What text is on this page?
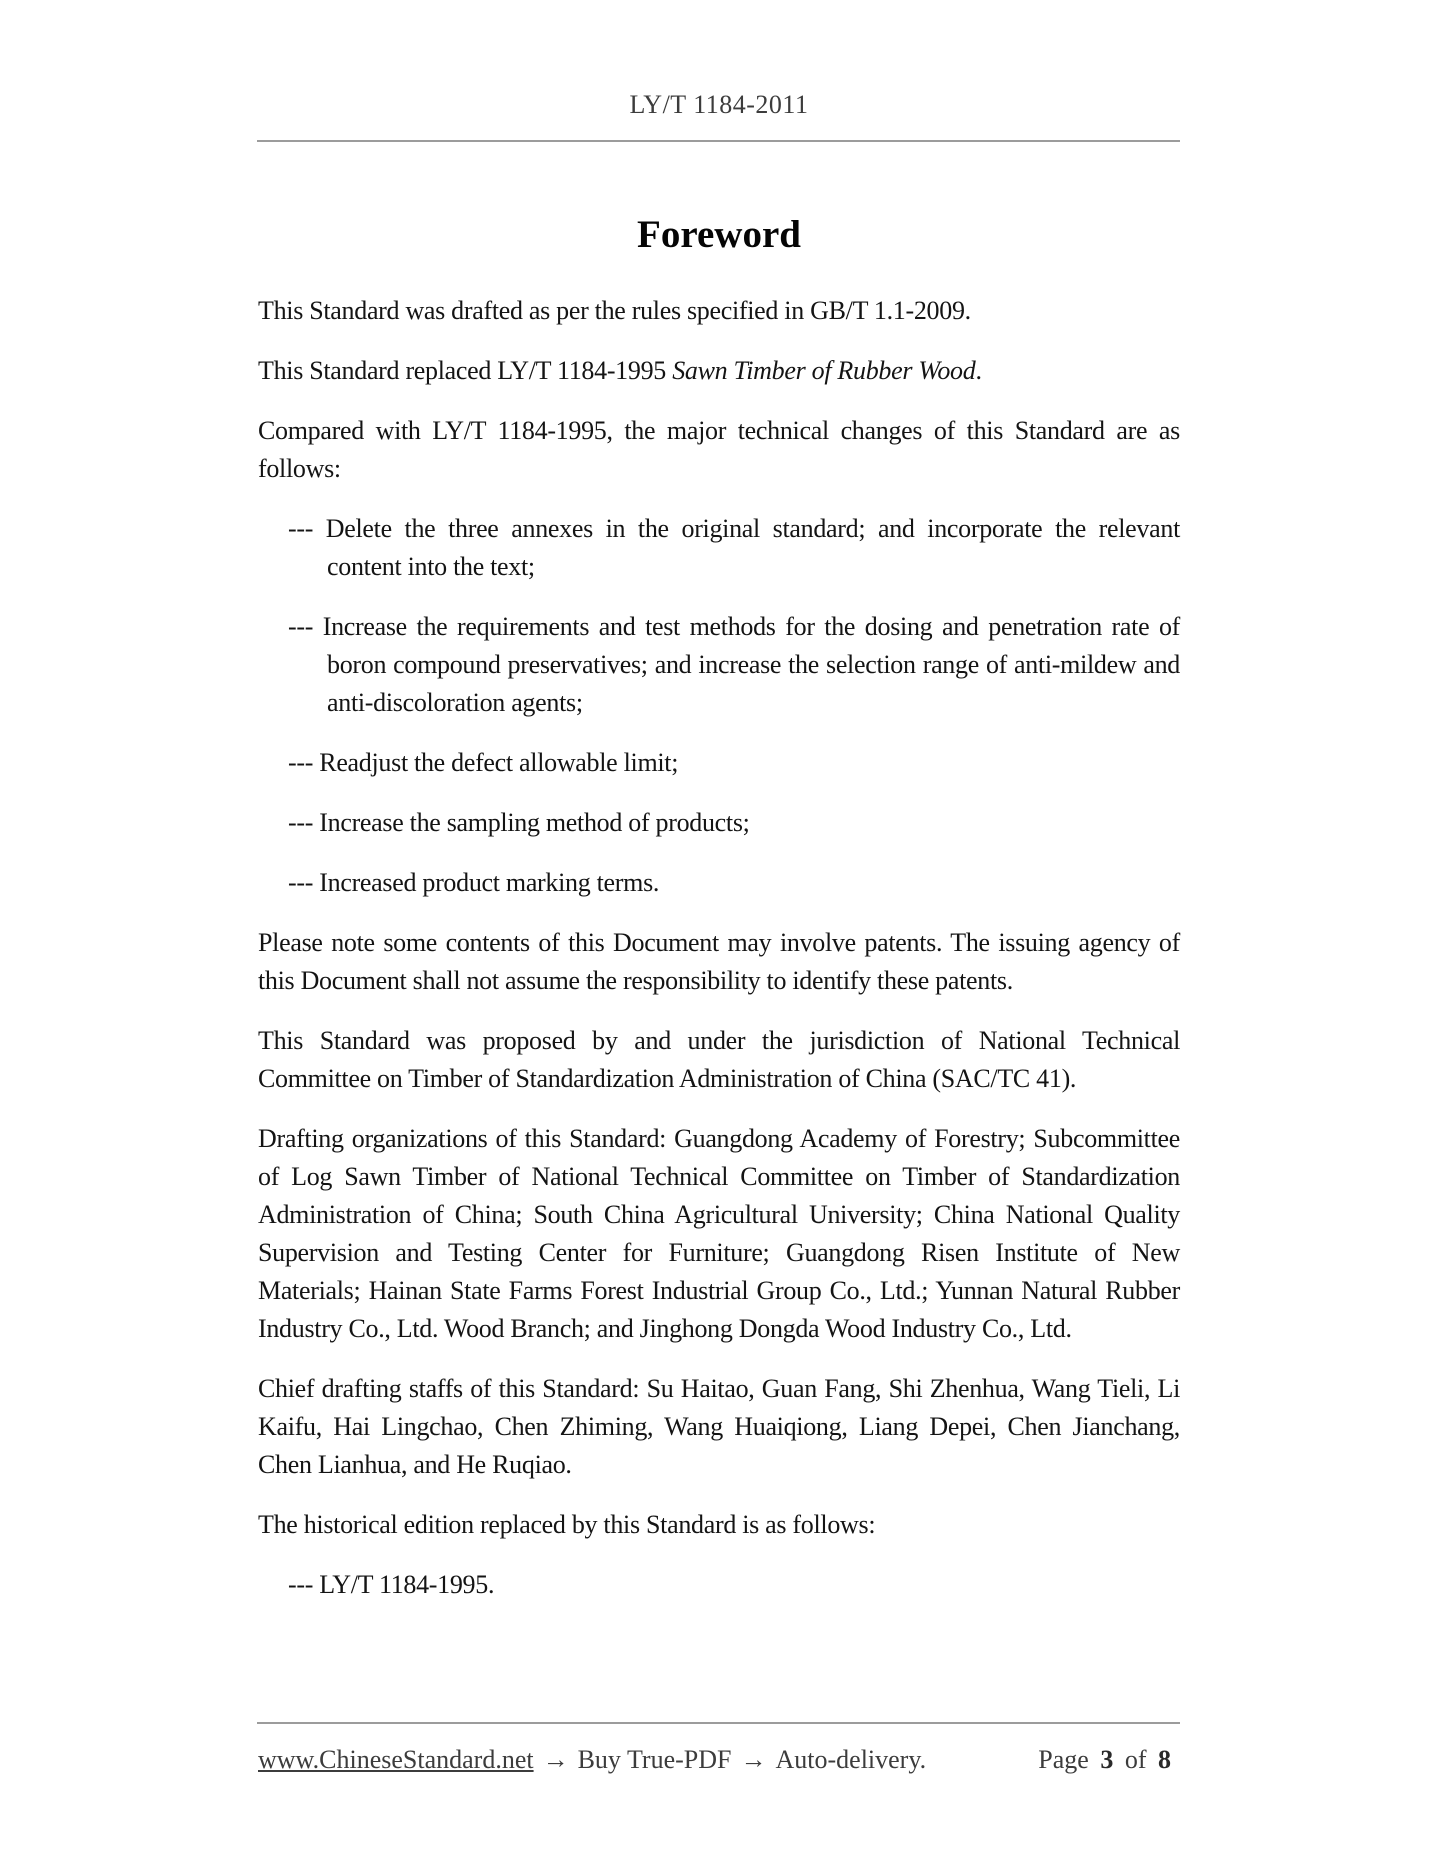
LY/T 1184-2011
Foreword

This Standard was drafted as per the rules specified in GB/T 1.1-2009.

This Standard replaced LY/T 1184-1995 Sawn Timber of Rubber Wood.

Compared with LY/T 1184-1995, the major technical changes of this Standard are as follows:

--- Delete the three annexes in the original standard; and incorporate the relevant content into the text;

--- Increase the requirements and test methods for the dosing and penetration rate of boron compound preservatives; and increase the selection range of anti-mildew and anti-discoloration agents;

--- Readjust the defect allowable limit;

--- Increase the sampling method of products;

--- Increased product marking terms.

Please note some contents of this Document may involve patents. The issuing agency of this Document shall not assume the responsibility to identify these patents.

This Standard was proposed by and under the jurisdiction of National Technical Committee on Timber of Standardization Administration of China (SAC/TC 41).

Drafting organizations of this Standard: Guangdong Academy of Forestry; Subcommittee of Log Sawn Timber of National Technical Committee on Timber of Standardization Administration of China; South China Agricultural University; China National Quality Supervision and Testing Center for Furniture; Guangdong Risen Institute of New Materials; Hainan State Farms Forest Industrial Group Co., Ltd.; Yunnan Natural Rubber Industry Co., Ltd. Wood Branch; and Jinghong Dongda Wood Industry Co., Ltd.

Chief drafting staffs of this Standard: Su Haitao, Guan Fang, Shi Zhenhua, Wang Tieli, Li Kaifu, Hai Lingchao, Chen Zhiming, Wang Huaiqiong, Liang Depei, Chen Jianchang, Chen Lianhua, and He Ruqiao.

The historical edition replaced by this Standard is as follows:

--- LY/T 1184-1995.

www.ChineseStandard.net → Buy True-PDF → Auto-delivery.	Page 3 of 8
